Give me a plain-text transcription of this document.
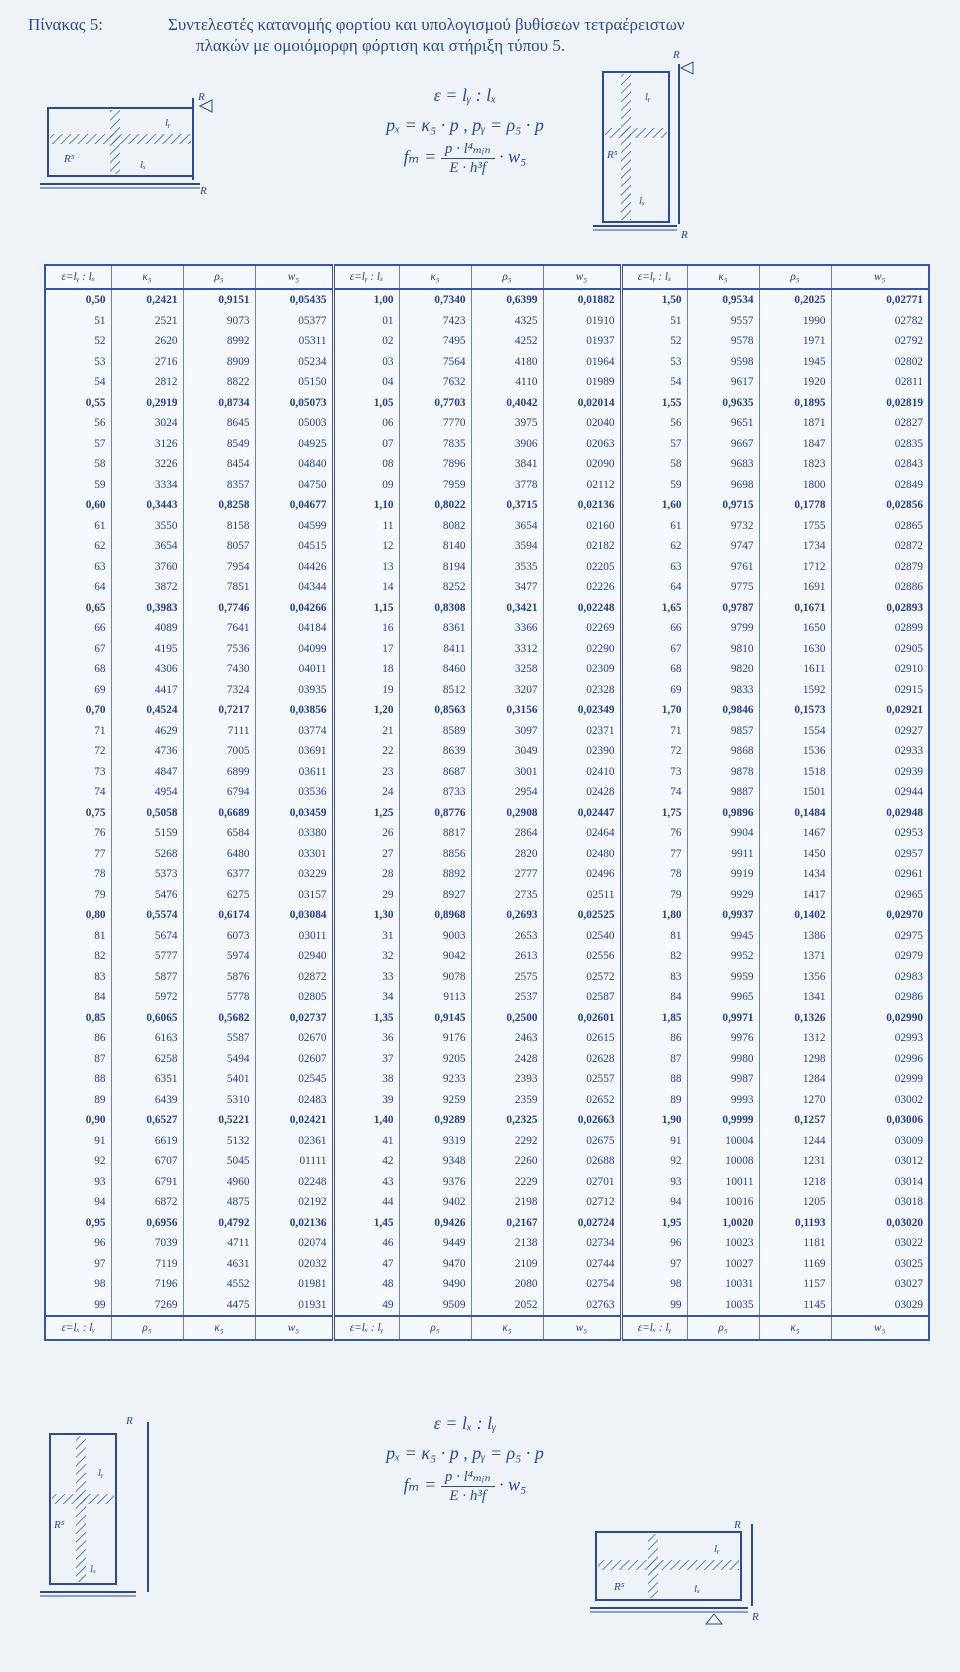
Πίνακας 5:	Συντελεστές κατανομής φορτίου και υπολογισμού βυθίσεων τετραέρειστων
πλακών με ομοιόμορφη φόρτιση και στήριξη τύπου 5.
ε = lᵧ : lₓ
pₓ = κ₅ · p , pᵧ = ρ₅ · p
$f_m = \frac{\text{p · l⁴ₘᵢₙ}}{\text{E · h³f}} \cdot w_5$
ε = lₓ : lᵧ
pₓ = κ₅ · p , pᵧ = ρ₅ · p
$f_m = \frac{\text{p · l⁴ₘᵢₙ}}{\text{E · h³f}} \cdot w_5$
R
lᵧ
lₓ
R⁵
R
R
lᵧ
lₓ
R⁵
R
R
lᵧ
lₓ
R⁵	R
lᵧ
lₓ
R⁵
R
ε=lᵧ : lₓ	κ₅	ρ₅	w₅	ε=lᵧ : lₓ	κ₅	ρ₅	w₅	ε=lᵧ : lₓ	κ₅	ρ₅	w₅
0,50	0,2421	0,9151	0,05435	1,00	0,7340	0,6399	0,01882	1,50	0,9534	0,2025	0,02771
51	2521	9073	05377	01	7423	4325	01910	51	9557	1990	02782
52	2620	8992	05311	02	7495	4252	01937	52	9578	1971	02792
53	2716	8909	05234	03	7564	4180	01964	53	9598	1945	02802
54	2812	8822	05150	04	7632	4110	01989	54	9617	1920	02811
0,55	0,2919	0,8734	0,05073	1,05	0,7703	0,4042	0,02014	1,55	0,9635	0,1895	0,02819
56	3024	8645	05003	06	7770	3975	02040	56	9651	1871	02827
57	3126	8549	04925	07	7835	3906	02063	57	9667	1847	02835
58	3226	8454	04840	08	7896	3841	02090	58	9683	1823	02843
59	3334	8357	04750	09	7959	3778	02112	59	9698	1800	02849
0,60	0,3443	0,8258	0,04677	1,10	0,8022	0,3715	0,02136	1,60	0,9715	0,1778	0,02856
61	3550	8158	04599	11	8082	3654	02160	61	9732	1755	02865
62	3654	8057	04515	12	8140	3594	02182	62	9747	1734	02872
63	3760	7954	04426	13	8194	3535	02205	63	9761	1712	02879
64	3872	7851	04344	14	8252	3477	02226	64	9775	1691	02886
0,65	0,3983	0,7746	0,04266	1,15	0,8308	0,3421	0,02248	1,65	0,9787	0,1671	0,02893
66	4089	7641	04184	16	8361	3366	02269	66	9799	1650	02899
67	4195	7536	04099	17	8411	3312	02290	67	9810	1630	02905
68	4306	7430	04011	18	8460	3258	02309	68	9820	1611	02910
69	4417	7324	03935	19	8512	3207	02328	69	9833	1592	02915
0,70	0,4524	0,7217	0,03856	1,20	0,8563	0,3156	0,02349	1,70	0,9846	0,1573	0,02921
71	4629	7111	03774	21	8589	3097	02371	71	9857	1554	02927
72	4736	7005	03691	22	8639	3049	02390	72	9868	1536	02933
73	4847	6899	03611	23	8687	3001	02410	73	9878	1518	02939
74	4954	6794	03536	24	8733	2954	02428	74	9887	1501	02944
0,75	0,5058	0,6689	0,03459	1,25	0,8776	0,2908	0,02447	1,75	0,9896	0,1484	0,02948
76	5159	6584	03380	26	8817	2864	02464	76	9904	1467	02953
77	5268	6480	03301	27	8856	2820	02480	77	9911	1450	02957
78	5373	6377	03229	28	8892	2777	02496	78	9919	1434	02961
79	5476	6275	03157	29	8927	2735	02511	79	9929	1417	02965
0,80	0,5574	0,6174	0,03084	1,30	0,8968	0,2693	0,02525	1,80	0,9937	0,1402	0,02970
81	5674	6073	03011	31	9003	2653	02540	81	9945	1386	02975
82	5777	5974	02940	32	9042	2613	02556	82	9952	1371	02979
83	5877	5876	02872	33	9078	2575	02572	83	9959	1356	02983
84	5972	5778	02805	34	9113	2537	02587	84	9965	1341	02986
0,85	0,6065	0,5682	0,02737	1,35	0,9145	0,2500	0,02601	1,85	0,9971	0,1326	0,02990
86	6163	5587	02670	36	9176	2463	02615	86	9976	1312	02993
87	6258	5494	02607	37	9205	2428	02628	87	9980	1298	02996
88	6351	5401	02545	38	9233	2393	02557	88	9987	1284	02999
89	6439	5310	02483	39	9259	2359	02652	89	9993	1270	03002
0,90	0,6527	0,5221	0,02421	1,40	0,9289	0,2325	0,02663	1,90	0,9999	0,1257	0,03006
91	6619	5132	02361	41	9319	2292	02675	91	10004	1244	03009
92	6707	5045	01111	42	9348	2260	02688	92	10008	1231	03012
93	6791	4960	02248	43	9376	2229	02701	93	10011	1218	03014
94	6872	4875	02192	44	9402	2198	02712	94	10016	1205	03018
0,95	0,6956	0,4792	0,02136	1,45	0,9426	0,2167	0,02724	1,95	1,0020	0,1193	0,03020
96	7039	4711	02074	46	9449	2138	02734	96	10023	1181	03022
97	7119	4631	02032	47	9470	2109	02744	97	10027	1169	03025
98	7196	4552	01981	48	9490	2080	02754	98	10031	1157	03027
99	7269	4475	01931	49	9509	2052	02763	99	10035	1145	03029
ε=lₓ : lᵧ	ρ₅	κ₅	w₅	ε=lₓ : lᵧ	ρ₅	κ₅	w₅	ε=lₓ : lᵧ	ρ₅	κ₅	w₅
